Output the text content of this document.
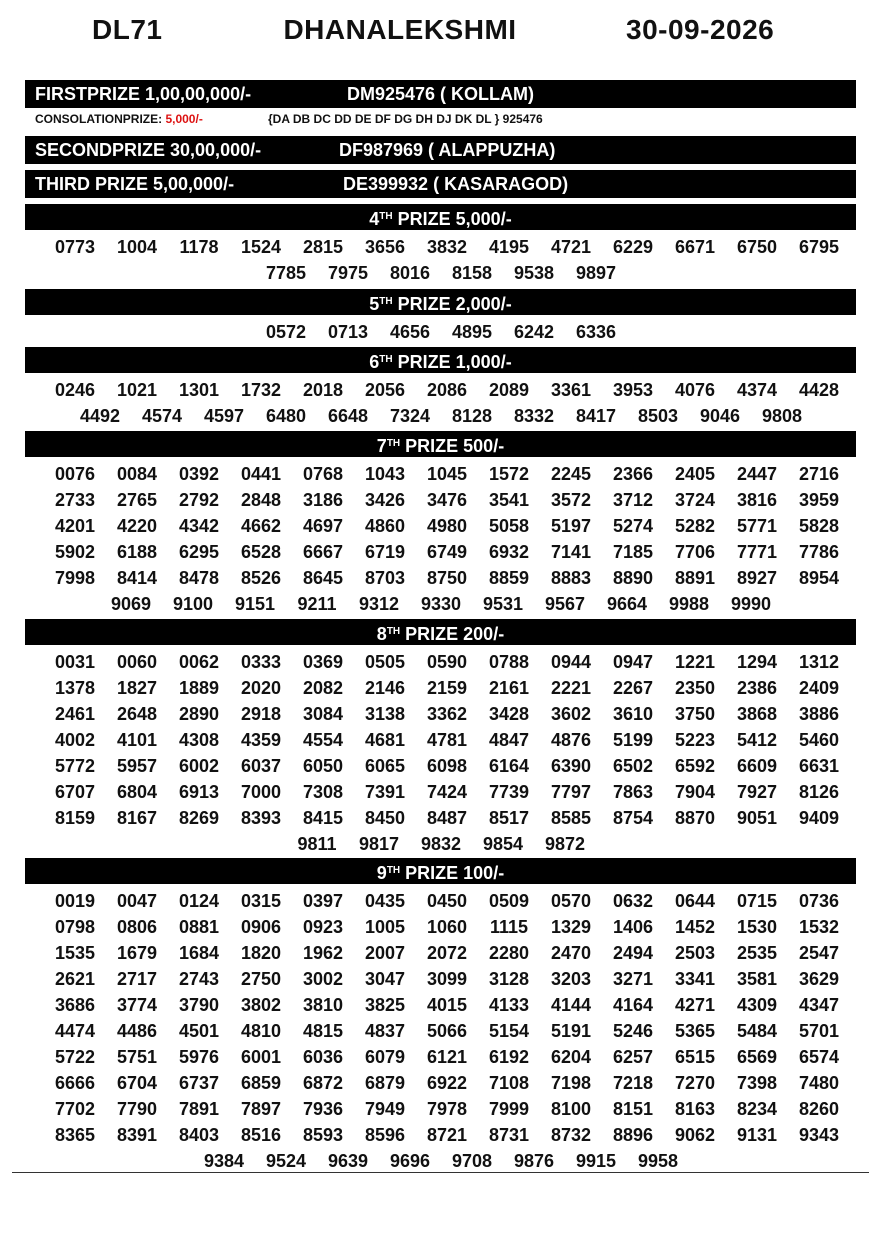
DL71	DHANALEKSHMI	30-09-2026
FIRSTPRIZE 1,00,00,000/-	DM925476 ( KOLLAM)
CONSOLATIONPRIZE: 5,000/-	{DA DB DC DD DE DF DG DH DJ DK DL } 925476
SECONDPRIZE 30,00,000/-	DF987969 ( ALAPPUZHA)
THIRD PRIZE 5,00,000/-	DE399932 ( KASARAGOD)
4TH PRIZE 5,000/-
0773	1004	1178	1524	2815	3656	3832	4195	4721	6229	6671	6750	6795
7785	7975	8016	8158	9538	9897
5TH PRIZE 2,000/-
0572	0713	4656	4895	6242	6336
6TH PRIZE 1,000/-
0246	1021	1301	1732	2018	2056	2086	2089	3361	3953	4076	4374	4428
4492	4574	4597	6480	6648	7324	8128	8332	8417	8503	9046	9808
7TH PRIZE 500/-
0076	0084	0392	0441	0768	1043	1045	1572	2245	2366	2405	2447	2716
2733	2765	2792	2848	3186	3426	3476	3541	3572	3712	3724	3816	3959
4201	4220	4342	4662	4697	4860	4980	5058	5197	5274	5282	5771	5828
5902	6188	6295	6528	6667	6719	6749	6932	7141	7185	7706	7771	7786
7998	8414	8478	8526	8645	8703	8750	8859	8883	8890	8891	8927	8954
9069	9100	9151	9211	9312	9330	9531	9567	9664	9988	9990
8TH PRIZE 200/-
0031	0060	0062	0333	0369	0505	0590	0788	0944	0947	1221	1294	1312
1378	1827	1889	2020	2082	2146	2159	2161	2221	2267	2350	2386	2409
2461	2648	2890	2918	3084	3138	3362	3428	3602	3610	3750	3868	3886
4002	4101	4308	4359	4554	4681	4781	4847	4876	5199	5223	5412	5460
5772	5957	6002	6037	6050	6065	6098	6164	6390	6502	6592	6609	6631
6707	6804	6913	7000	7308	7391	7424	7739	7797	7863	7904	7927	8126
8159	8167	8269	8393	8415	8450	8487	8517	8585	8754	8870	9051	9409
9811	9817	9832	9854	9872
9TH PRIZE 100/-
0019	0047	0124	0315	0397	0435	0450	0509	0570	0632	0644	0715	0736
0798	0806	0881	0906	0923	1005	1060	1115	1329	1406	1452	1530	1532
1535	1679	1684	1820	1962	2007	2072	2280	2470	2494	2503	2535	2547
2621	2717	2743	2750	3002	3047	3099	3128	3203	3271	3341	3581	3629
3686	3774	3790	3802	3810	3825	4015	4133	4144	4164	4271	4309	4347
4474	4486	4501	4810	4815	4837	5066	5154	5191	5246	5365	5484	5701
5722	5751	5976	6001	6036	6079	6121	6192	6204	6257	6515	6569	6574
6666	6704	6737	6859	6872	6879	6922	7108	7198	7218	7270	7398	7480
7702	7790	7891	7897	7936	7949	7978	7999	8100	8151	8163	8234	8260
8365	8391	8403	8516	8593	8596	8721	8731	8732	8896	9062	9131	9343
9384	9524	9639	9696	9708	9876	9915	9958
